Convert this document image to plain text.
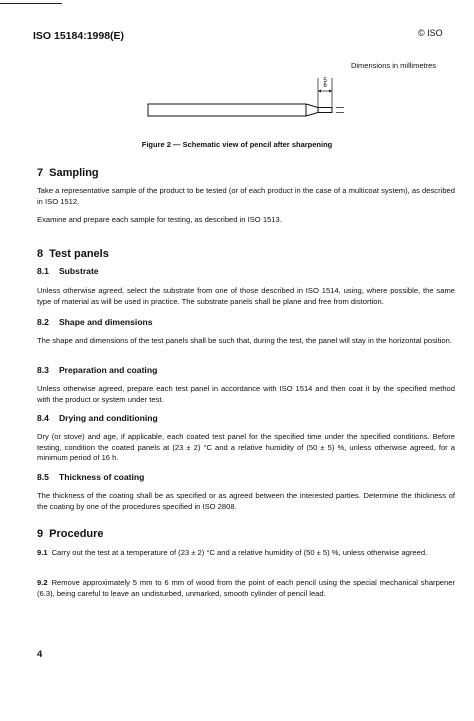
ISO 15184:1998(E)	© ISO
Dimensions in millimetres
6
5
Figure 2 — Schematic view of pencil after sharpening
7 Sampling
Take a representative sample of the product to be tested (or of each product in the case of a multicoat system), as described in ISO 1512.
Examine and prepare each sample for testing, as described in ISO 1513.
8 Test panels
8.1 Substrate
Unless otherwise agreed, select the substrate from one of those described in ISO 1514, using, where possible, the same type of material as will be used in practice. The substrate panels shall be plane and free from distortion.
8.2 Shape and dimensions
The shape and dimensions of the test panels shall be such that, during the test, the panel will stay in the horizontal position.
8.3 Preparation and coating
Unless otherwise agreed, prepare each test panel in accordance with ISO 1514 and then coat it by the specified method with the product or system under test.
8.4 Drying and conditioning
Dry (or stove) and age, if applicable, each coated test panel for the specified time under the specified conditions. Before testing, condition the coated panels at (23 ± 2) °C and a relative humidity of (50 ± 5) %, unless otherwise agreed, for a minimum period of 16 h.
8.5 Thickness of coating
The thickness of the coating shall be as specified or as agreed between the interested parties. Determine the thickness of the coating by one of the procedures specified in ISO 2808.
9 Procedure
9.1 Carry out the test at a temperature of (23 ± 2) °C and a relative humidity of (50 ± 5) %, unless otherwise agreed.
9.2 Remove approximately 5 mm to 6 mm of wood from the point of each pencil using the special mechanical sharpener (6.3), being careful to leave an undisturbed, unmarked, smooth cylinder of pencil lead.
4
